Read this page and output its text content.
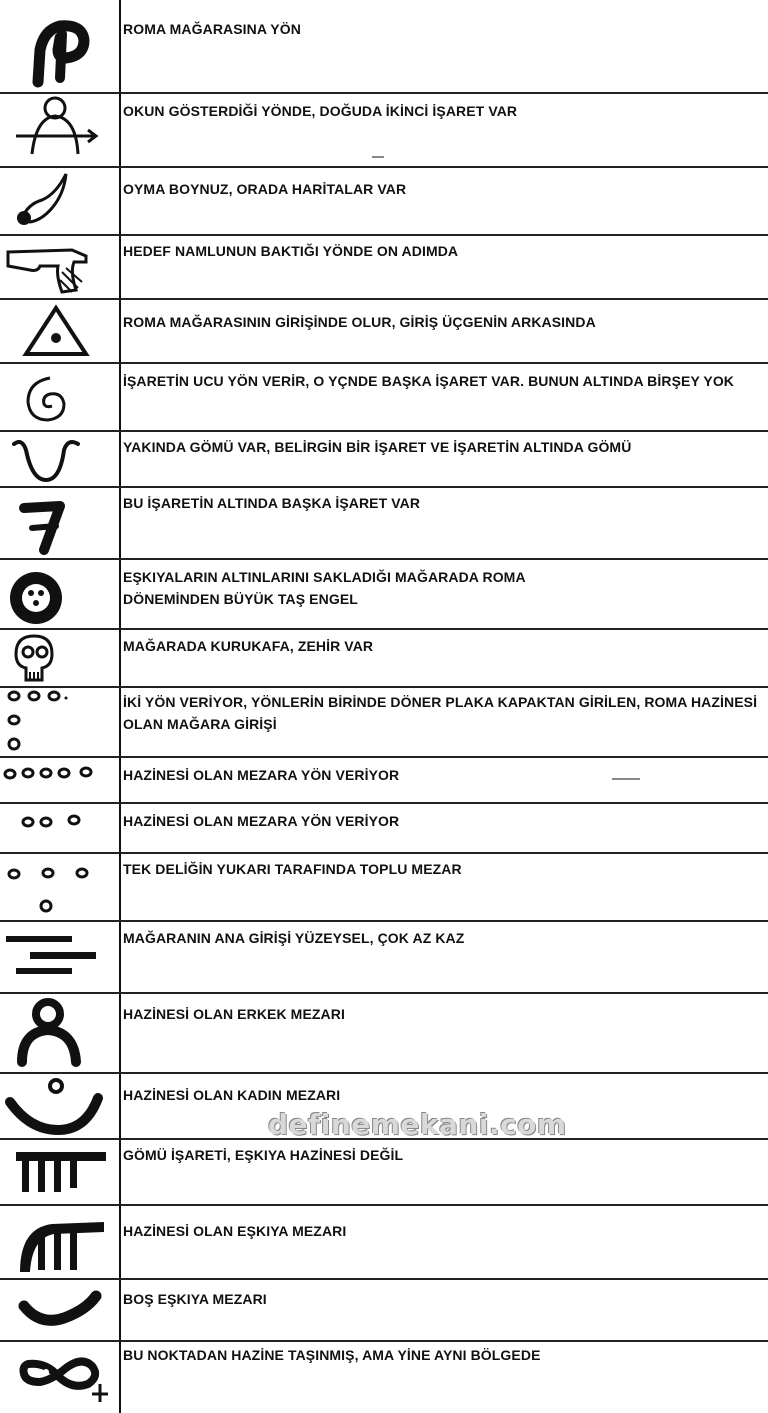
ROMA MAĞARASINA YÖN
OKUN GÖSTERDİĞİ YÖNDE, DOĞUDA İKİNCİ İŞARET VAR
OYMA BOYNUZ, ORADA HARİTALAR VAR
HEDEF NAMLUNUN BAKTIĞI YÖNDE ON ADIMDA
ROMA MAĞARASININ GİRİŞİNDE OLUR, GİRİŞ ÜÇGENİN ARKASINDA
İŞARETİN UCU YÖN VERİR, O YÇNDE BAŞKA İŞARET VAR. BUNUN ALTINDA BİRŞEY YOK
YAKINDA GÖMÜ VAR, BELİRGİN BİR İŞARET VE İŞARETİN ALTINDA GÖMÜ
BU İŞARETİN ALTINDA BAŞKA İŞARET VAR
EŞKIYALARIN ALTINLARINI SAKLADIĞI MAĞARADA ROMA
DÖNEMİNDEN BÜYÜK TAŞ ENGEL
MAĞARADA KURUKAFA, ZEHİR VAR
İKİ YÖN VERİYOR, YÖNLERİN BİRİNDE DÖNER PLAKA KAPAKTAN GİRİLEN, ROMA HAZİNESİ
OLAN MAĞARA GİRİŞİ
HAZİNESİ OLAN MEZARA YÖN VERİYOR
HAZİNESİ OLAN MEZARA YÖN VERİYOR
TEK DELİĞİN YUKARI TARAFINDA TOPLU MEZAR
MAĞARANIN ANA GİRİŞİ YÜZEYSEL, ÇOK AZ KAZ
HAZİNESİ OLAN ERKEK MEZARI
HAZİNESİ OLAN KADIN MEZARI
GÖMÜ İŞARETİ, EŞKIYA HAZİNESİ DEĞİL
HAZİNESİ OLAN EŞKIYA MEZARI
BOŞ EŞKIYA MEZARI
BU NOKTADAN HAZİNE TAŞINMIŞ, AMA YİNE AYNI BÖLGEDE
definemekani.com
